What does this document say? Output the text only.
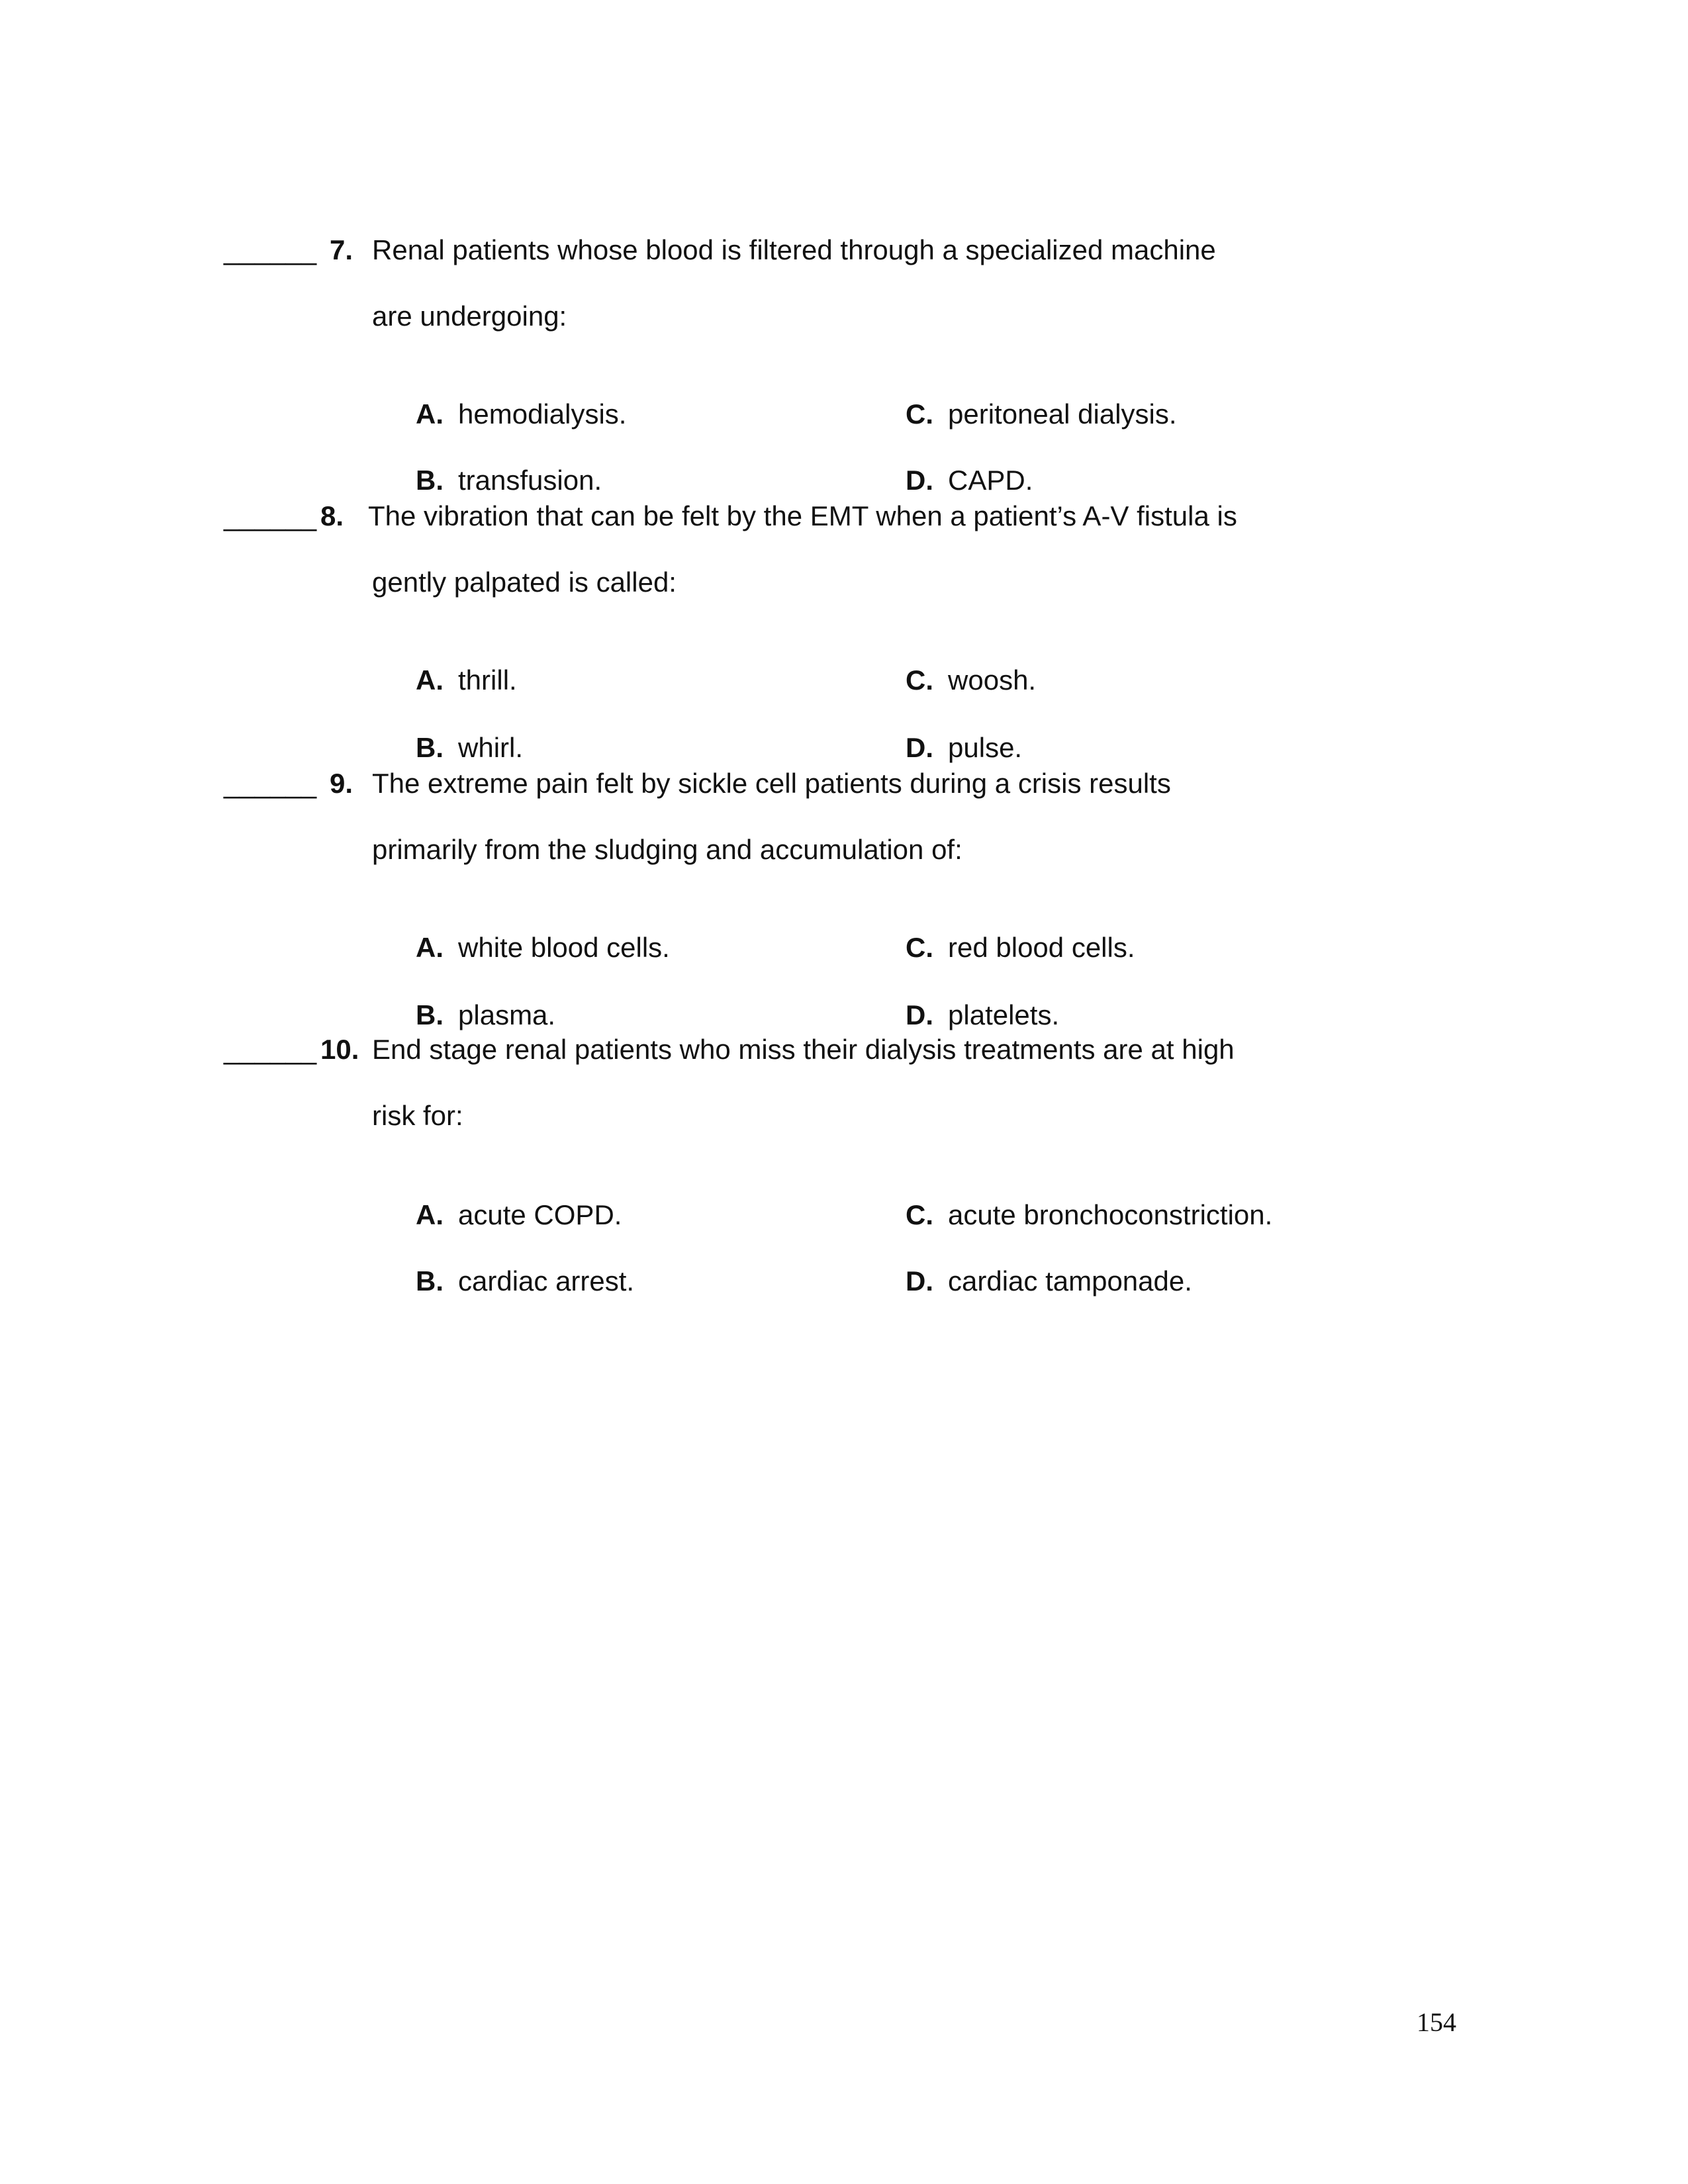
______ 7. Renal patients whose blood is filtered through a specialized machine
are undergoing:

A. hemodialysis.

B. transfusion.

C. peritoneal dialysis.

D. CAPD.

______ 8. The vibration that can be felt by the EMT when a patient’s A-V fistula is
gently palpated is called:

A. thrill.

B. whirl.

C. woosh.

D. pulse.

______ 9. The extreme pain felt by sickle cell patients during a crisis results
primarily from the sludging and accumulation of:

A. white blood cells.

B. plasma.

C. red blood cells.

D. platelets.

______ 10. End stage renal patients who miss their dialysis treatments are at high
risk for:

A. acute COPD.

B. cardiac arrest.

C. acute bronchoconstriction.

D. cardiac tamponade.

154
